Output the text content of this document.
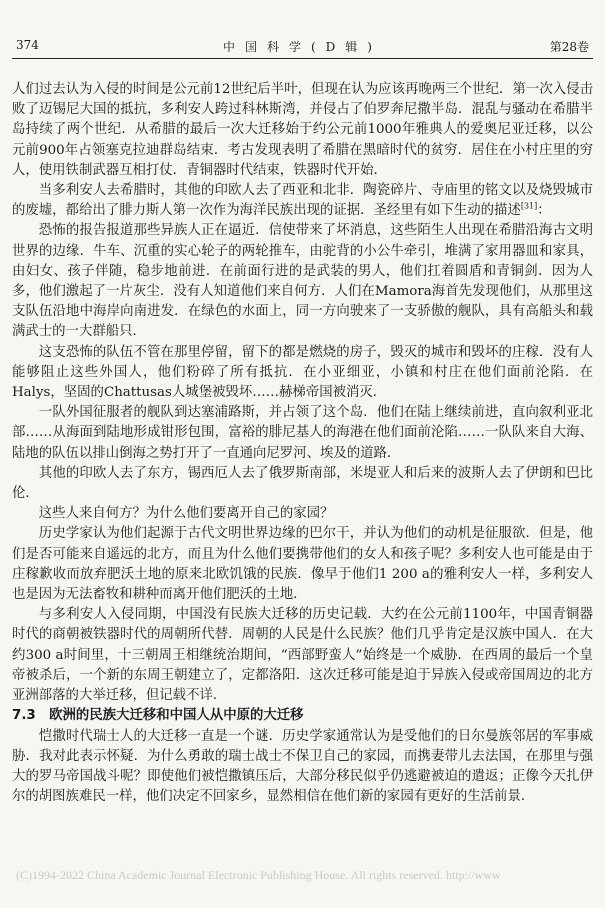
374	中国科学(D辑)	第28卷

人们过去认为入侵的时间是公元前12世纪后半叶，但现在认为应该再晚两三个世纪．第一次入侵击败了迈锡尼大国的抵抗，多利安人跨过科林斯湾，并侵占了伯罗奔尼撒半岛．混乱与骚动在希腊半岛持续了两个世纪．从希腊的最后一次大迁移始于约公元前1000年雅典人的爱奥尼亚迁移，以公元前900年占领塞克拉迪群岛结束．考古发现表明了希腊在黑暗时代的贫穷．居住在小村庄里的穷人，使用铁制武器互相打仗．青铜器时代结束，铁器时代开始．

当多利安人去希腊时，其他的印欧人去了西亚和北非．陶瓷碎片、寺庙里的铭文以及烧毁城市的废墟，都给出了腓力斯人第一次作为海洋民族出现的证据．圣经里有如下生动的描述[31]：

恐怖的报告报道那些异族人正在逼近．信使带来了坏消息，这些陌生人出现在希腊沿海古文明世界的边缘．牛车、沉重的实心轮子的两轮推车，由驼背的小公牛牵引，堆满了家用器皿和家具，由妇女、孩子伴随，稳步地前进．在前面行进的是武装的男人，他们扛着圆盾和青铜剑．因为人多，他们激起了一片灰尘．没有人知道他们来自何方．人们在Mamora海首先发现他们，从那里这支队伍沿地中海岸向南进发．在绿色的水面上，同一方向驶来了一支骄傲的舰队，具有高船头和载满武士的一大群船只．

这支恐怖的队伍不管在那里停留，留下的都是燃烧的房子，毁灭的城市和毁坏的庄稼．没有人能够阻止这些外国人，他们粉碎了所有抵抗．在小亚细亚，小镇和村庄在他们面前沦陷．在Halys，坚固的Chattusas人城堡被毁坏……赫梯帝国被消灭．

一队外国征服者的舰队到达塞浦路斯，并占领了这个岛．他们在陆上继续前进，直向叙利亚北部……从海面到陆地形成钳形包围，富裕的腓尼基人的海港在他们面前沦陷……一队队来自大海、陆地的队伍以排山倒海之势打开了一直通向尼罗河、埃及的道路．

其他的印欧人去了东方，锡西厄人去了俄罗斯南部，米堤亚人和后来的波斯人去了伊朗和巴比伦．

这些人来自何方？为什么他们要离开自己的家园？

历史学家认为他们起源于古代文明世界边缘的巴尔干，并认为他们的动机是征服欲．但是，他们是否可能来自遥远的北方，而且为什么他们要携带他们的女人和孩子呢？多利安人也可能是由于庄稼歉收而放弃肥沃土地的原来北欧饥饿的民族．像早于他们1 200 a的雅利安人一样，多利安人也是因为无法畜牧和耕种而离开他们肥沃的土地．

与多利安人入侵同期，中国没有民族大迁移的历史记载．大约在公元前1100年，中国青铜器时代的商朝被铁器时代的周朝所代替．周朝的人民是什么民族？他们几乎肯定是汉族中国人．在大约300 a时间里，十三朝周王相继统治期间，“西部野蛮人”始终是一个威胁．在西周的最后一个皇帝被杀后，一个新的东周王朝建立了，定都洛阳．这次迁移可能是迫于异族入侵或帝国周边的北方亚洲部落的大举迁移，但记载不详．

7.3　 欧洲的民族大迁移和中国人从中原的大迁移

恺撒时代瑞士人的大迁移一直是一个谜．历史学家通常认为是受他们的日尔曼族邻居的军事威胁．我对此表示怀疑．为什么勇敢的瑞士战士不保卫自己的家园，而携妻带儿去法国，在那里与强大的罗马帝国战斗呢？即使他们被恺撒镇压后，大部分移民似乎仍逃避被迫的遣返；正像今天扎伊尔的胡图族难民一样，他们决定不回家乡，显然相信在他们新的家园有更好的生活前景．

(C)1994-2022 China Academic Journal Electronic Publishing House. All rights reserved. http://www
